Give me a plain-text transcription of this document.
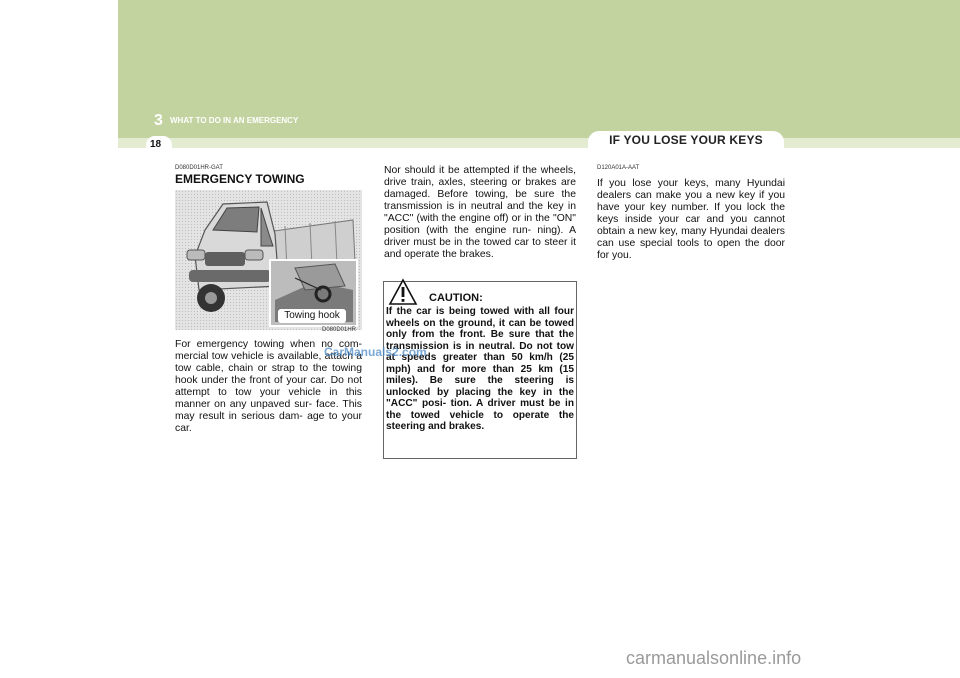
18
3 WHAT TO DO IN AN EMERGENCY
IF YOU LOSE YOUR KEYS
D080D01HR-GAT
EMERGENCY TOWING
Towing hook
D080D01HR

For emergency towing when no com- mercial tow vehicle is available, attach a tow cable, chain or strap to the towing hook under the front of your car. Do not attempt to tow your vehicle in this manner on any unpaved sur- face. This may result in serious dam- age to your car.

Nor should it be attempted if the wheels, drive train, axles, steering or brakes are damaged. Before towing, be sure the transmission is in neutral and the key in "ACC" (with the engine off) or in the "ON" position (with the engine run- ning). A driver must be in the towed car to steer it and operate the brakes.

CAUTION:

If the car is being towed with all four wheels on the ground, it can be towed only from the front. Be sure that the transmission is in neutral. Do not tow at speeds greater than 50 km/h (25 mph) and for more than 25 km (15 miles). Be sure the steering is unlocked by placing the key in the "ACC" posi- tion. A driver must be in the towed vehicle to operate the steering and brakes.

D120A01A-AAT

If you lose your keys, many Hyundai dealers can make you a new key if you have your key number. If you lock the keys inside your car and you cannot obtain a new key, many Hyundai dealers can use special tools to open the door for you.

CarManuals2.com
carmanualsonline.info
